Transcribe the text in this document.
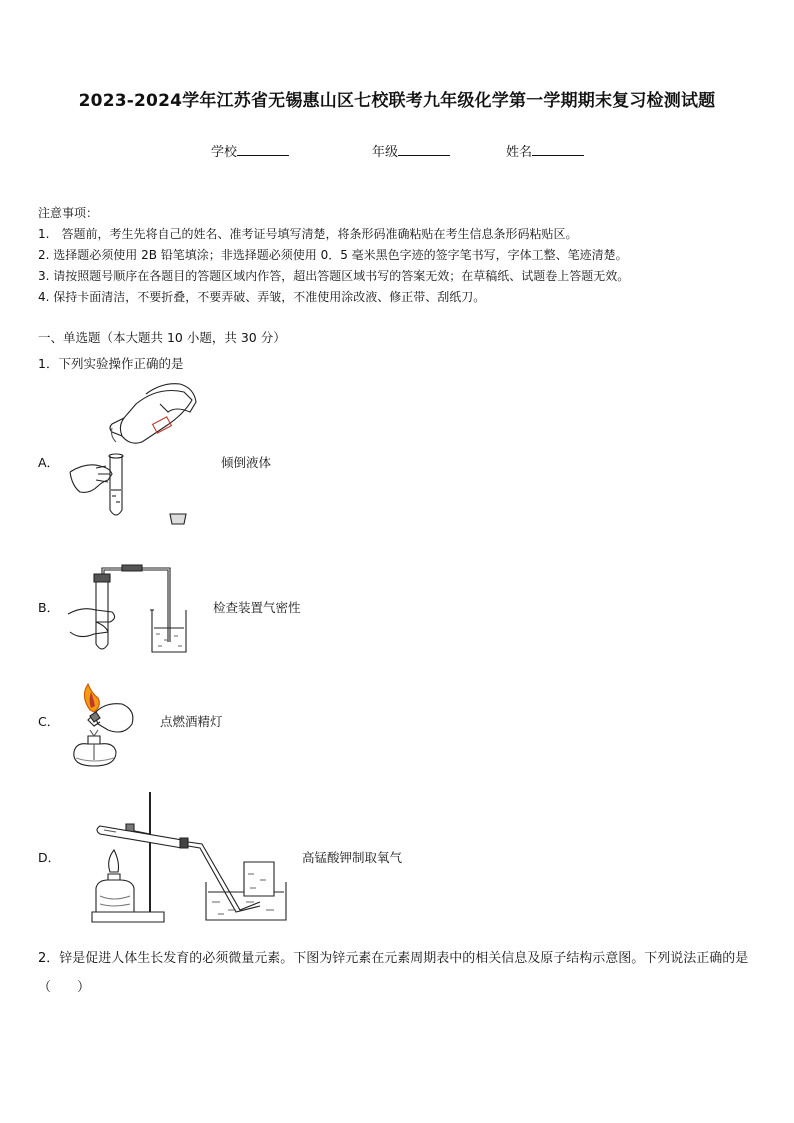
2023-2024学年江苏省无锡惠山区七校联考九年级化学第一学期期末复习检测试题
学校	年级	姓名
注意事项：
1.　答题前，考生先将自己的姓名、准考证号填写清楚，将条形码准确粘贴在考生信息条形码粘贴区。
2. 选择题必须使用 2B 铅笔填涂；非选择题必须使用 0．5 毫米黑色字迹的签字笔书写，字体工整、笔迹清楚。
3. 请按照题号顺序在各题目的答题区域内作答，超出答题区域书写的答案无效；在草稿纸、试题卷上答题无效。
4. 保持卡面清洁，不要折叠，不要弄破、弄皱，不准使用涂改液、修正带、刮纸刀。
一、单选题（本大题共 10 小题，共 30 分）
1．下列实验操作正确的是
A．	倾倒液体
B．	检查装置气密性
C．	点燃酒精灯
D．	高锰酸钾制取氧气
2．锌是促进人体生长发育的必须微量元素。下图为锌元素在元素周期表中的相关信息及原子结构示意图。下列说法正确的是（　　）
